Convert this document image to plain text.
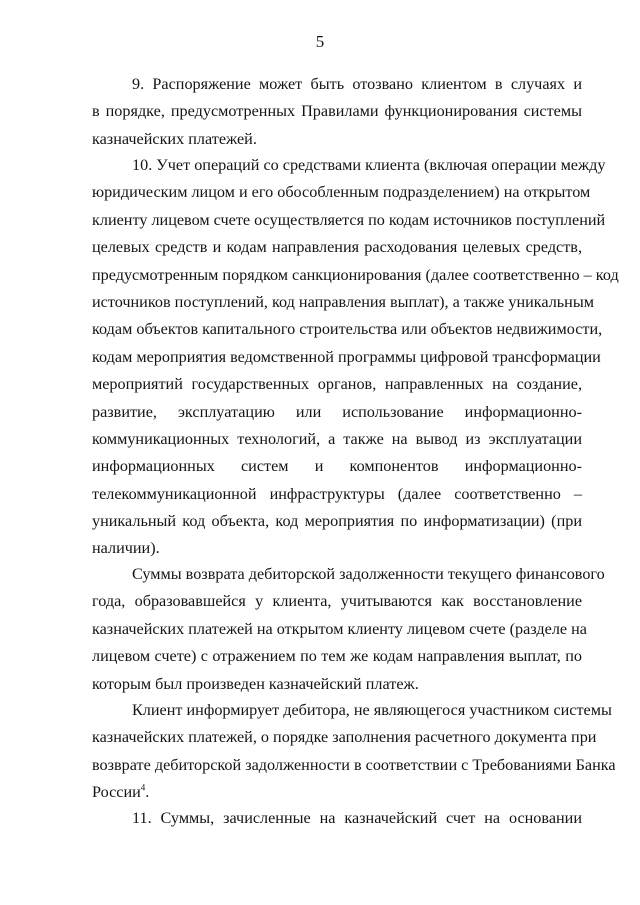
5
9. Распоряжение может быть отозвано клиентом в случаях и
в порядке, предусмотренных Правилами функционирования системы
казначейских платежей.
10. Учет операций со средствами клиента (включая операции между
юридическим лицом и его обособленным подразделением) на открытом
клиенту лицевом счете осуществляется по кодам источников поступлений
целевых средств и кодам направления расходования целевых средств,
предусмотренным порядком санкционирования (далее соответственно – код
источников поступлений, код направления выплат), а также уникальным
кодам объектов капитального строительства или объектов недвижимости,
кодам мероприятия ведомственной программы цифровой трансформации
мероприятий государственных органов, направленных на создание,
развитие, эксплуатацию или использование информационно-
коммуникационных технологий, а также на вывод из эксплуатации
информационных систем и компонентов информационно-
телекоммуникационной инфраструктуры (далее соответственно –
уникальный код объекта, код мероприятия по информатизации) (при
наличии).
Суммы возврата дебиторской задолженности текущего финансового
года, образовавшейся у клиента, учитываются как восстановление
казначейских платежей на открытом клиенту лицевом счете (разделе на
лицевом счете) с отражением по тем же кодам направления выплат, по
которым был произведен казначейский платеж.
Клиент информирует дебитора, не являющегося участником системы
казначейских платежей, о порядке заполнения расчетного документа при
возврате дебиторской задолженности в соответствии с Требованиями Банка
России$^4$.
11. Суммы, зачисленные на казначейский счет на основании
